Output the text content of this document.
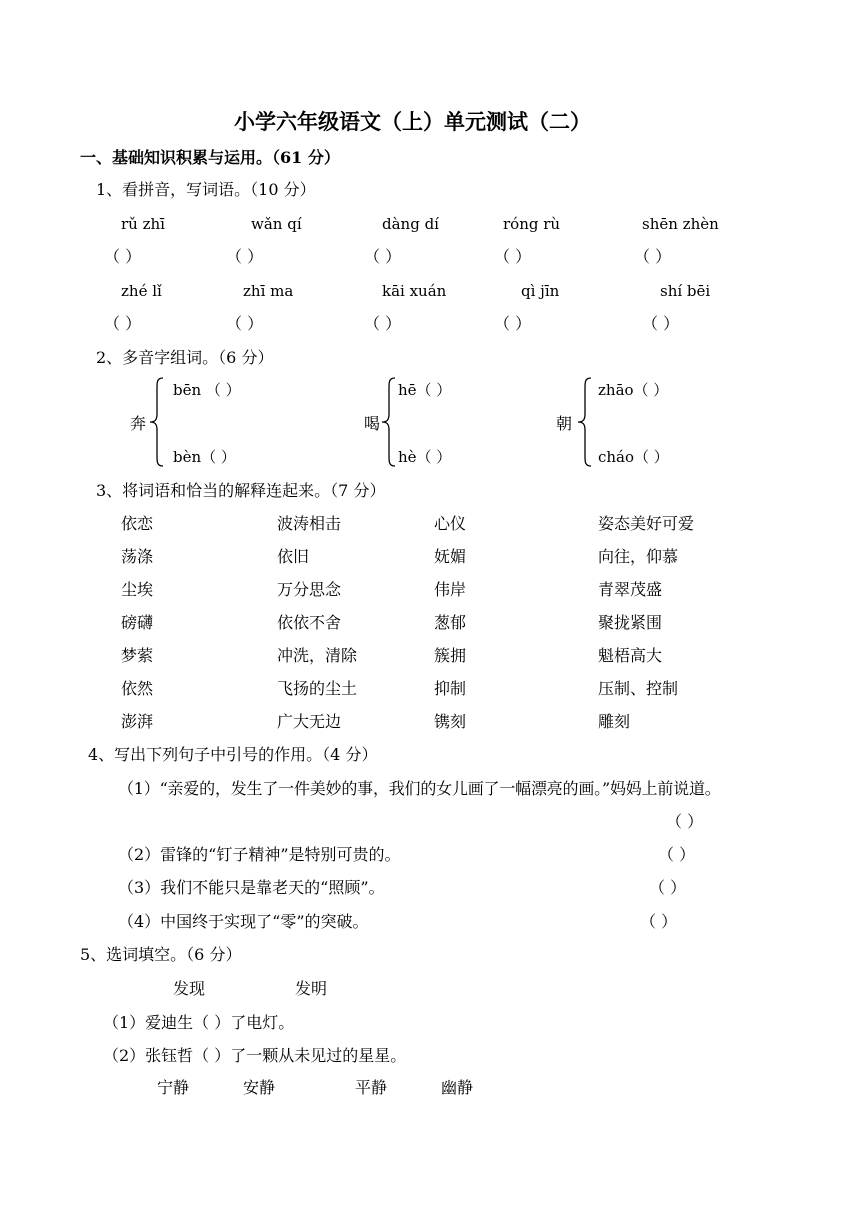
小学六年级语文（上）单元测试（二）
一、基础知识积累与运用。（61 分）
1、看拼音，写词语。（10 分）
rǔ zhī	wǎn qí	dàng dí	róng rù	shēn zhèn
（ ）	（ ）	（ ）	（ ）	（ ）
zhé lǐ	zhī ma	kāi xuán	qì jīn	shí bēi
（ ）	（ ）	（ ）	（ ）	（ ）
2、多音字组词。（6 分）
奔
bēn （ ）
bèn（ ）
喝
hē（ ）
hè（ ）
朝
zhāo（ ）
cháo（ ）
3、将词语和恰当的解释连起来。（7 分）
依恋	波涛相击	心仪	姿态美好可爱
荡涤	依旧	妩媚	向往，仰慕
尘埃	万分思念	伟岸	青翠茂盛
磅礴	依依不舍	葱郁	聚拢紧围
梦萦	冲洗，清除	簇拥	魁梧高大
依然	飞扬的尘土	抑制	压制、控制
澎湃	广大无边	镌刻	雕刻
4、写出下列句子中引号的作用。（4 分）
（1）“亲爱的，发生了一件美妙的事，我们的女儿画了一幅漂亮的画。”妈妈上前说道。
（ ）
（2）雷锋的“钉子精神”是特别可贵的。	（ ）
（3）我们不能只是靠老天的“照顾”。	（ ）
（4）中国终于实现了“零”的突破。	（ ）
5、选词填空。（6 分）
发现	发明
（1）爱迪生（ ）了电灯。
（2）张钰哲（ ）了一颗从未见过的星星。
宁静	安静	平静	幽静
